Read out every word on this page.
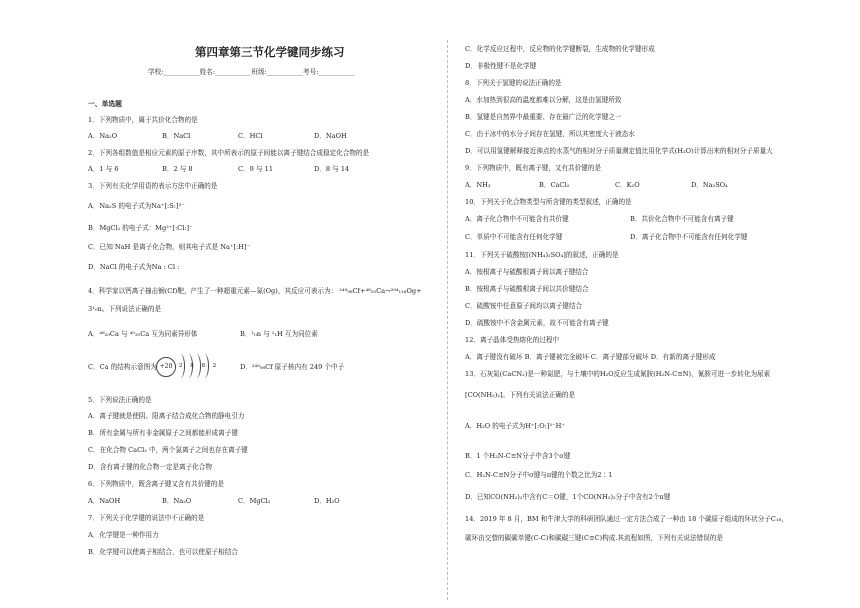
第四章第三节化学键同步练习
学校:___________姓名:___________班级:___________考号:___________
一、单选题
1．下列物质中，属于共价化合物的是
A．Na₂O	B．NaCl	C．HCl	D．NaOH
2．下列各组数值是相应元素的原子序数，其中所表示的原子间能以离子键结合成稳定化合物的是
A．1 与 6	B．2 与 8	C．9 与 11	D．8 与 14
3．下列有关化学用语的表示方法中正确的是
A．Na₂S 的电子式为Na⁺[:S:]²⁻
B．MgCl₂ 的电子式：Mg²⁺[:Cl:]⁻
C．已知 NaH 是离子化合物，则其电子式是 Na⁺[:H]⁻
D．NaCl 的电子式为Na : Cl :
4．科学家以钙离子撞击锎(Cf)靶，产生了一种超重元素—氮(Og)，其反应可表示为： ²⁴⁹₉₈Cf+⁴⁸₂₀Ca→²⁹⁴₁₁₈Og+
3¹₀n。下列说法正确的是
A．⁴⁸₂₀Ca 与 ⁴⁰₂₀Ca 互为同素异形体	B．¹₀n 与 ¹₁H 互为同位素
C．Ca 的结构示意图为 +20	2 8 8 2	D．²⁴⁹₉₈Cf 原子核内有 249 个中子
5．下列说法正确的是
A．离子键就是使阴、阳离子结合成化合物的静电引力
B．所有金属与所有非金属原子之间都能形成离子键
C．在化合物 CaCl₂ 中，两个氯离子之间也存在离子键
D．含有离子键的化合物一定是离子化合物
6．下列物质中，既含离子键又含有共价键的是
A．NaOH	B．Na₂O	C．MgCl₂	D．H₂O
7．下列关于化学键的说法中不正确的是
A．化学键是一种作用力
B．化学键可以使离子相结合，也可以使原子相结合
C．化学反应过程中，反应物的化学键断裂，生成物的化学键形成
D．非极性键不是化学键
8．下列关于氢键的说法正确的是
A．水加热到很高的温度都难以分解，这是由氢键所致
B．氢键是自然界中最重要、存在最广泛的化学键之一
C．由于冰中的水分子间存在氢键，所以其密度大于液态水
D．可以用氢键解释接近沸点的水蒸气的相对分子质量测定值比用化学式(H₂O)计算出来的相对分子质量大
9．下列物质中，既有离子键，又有共价键的是
A．NH₃	B．CaCl₂	C．K₂O	D．Na₂SO₄
10．下列关于化合物类型与所含键的类型叙述，正确的是
A．离子化合物中不可能含有共价键	B．共价化合物中不可能含有离子键
C．单质中不可能含有任何化学键	D．离子化合物中不可能含有任何化学键
11．下列关于硫酸铵[(NH₄)₂SO₄]的叙述，正确的是
A．铵根离子与硫酸根离子间以离子键结合
B．铵根离子与硫酸根离子间以共价键结合
C．硫酸铵中任意原子间均以离子键结合
D．硫酸铵中不含金属元素，故不可能含有离子键
12．离子晶体受热熔化的过程中
A．离子键没有破坏 B．离子键被完全破坏 C．离子键部分破坏 D．有新的离子键形成
13．石灰氮(CaCN₂)是一种氮肥，与土壤中的H₂O反应生成氰胺(H₂N-C≡N)，氰胺可进一步转化为尿素
[CO(NH₂)₂]。下列有关说法正确的是
A．H₂O 的电子式为H⁺[:O:]²⁻H⁺
B．1 个H₂N-C≡N分子中含3个σ键
C．H₂N-C≡N分子中σ键与π键的个数之比为2∶1
D．已知CO(NH₂)₂中含有C＝O键，1个CO(NH₂)₂分子中含有2个π键
14．2019 年 8 月，BM 和牛津大学的科研团队通过一定方法合成了一种由 18 个碳原子组成的环状分子C₁₈，
碳环由交替的碳碳单键(C-C)和碳碳三键(C≡C)构成.其流程如图，下列有关说法错误的是
